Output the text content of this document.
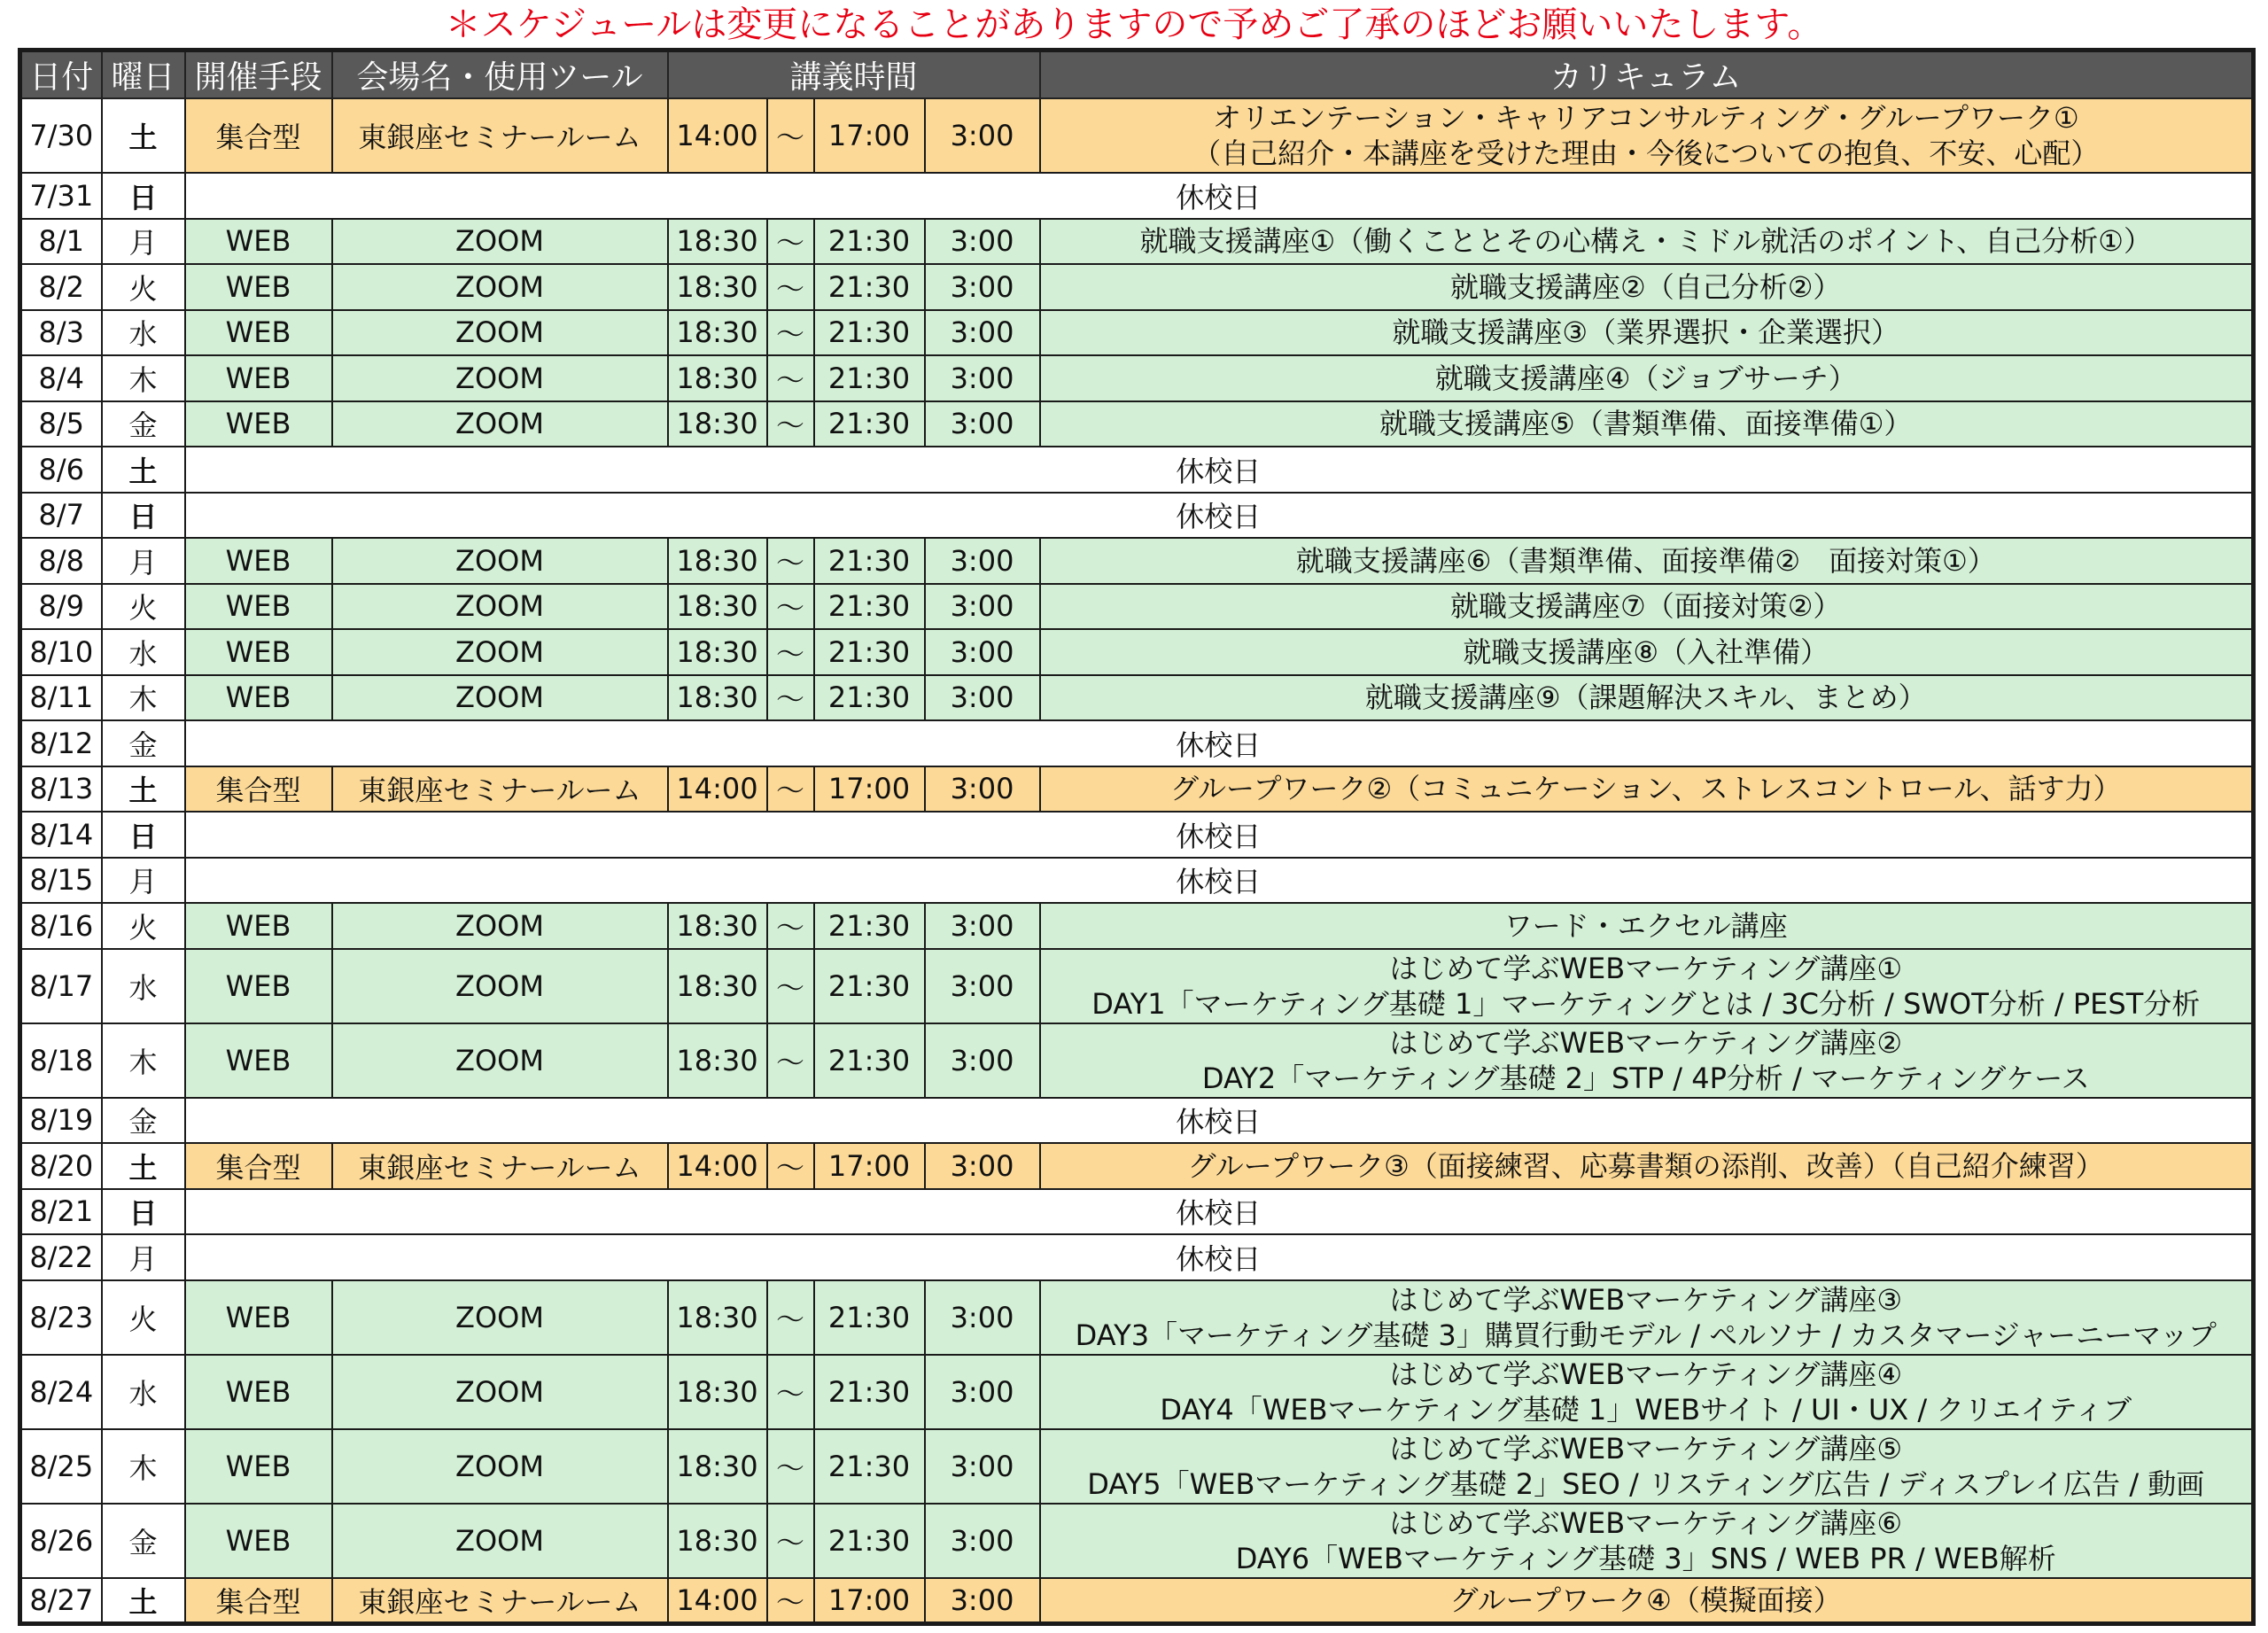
＊スケジュールは変更になることがありますので予めご了承のほどお願いいたします。
日付	曜日	開催手段	会場名・使用ツール	講義時間				カリキュラム
7/30	土	集合型	東銀座セミナールーム	14:00	～	17:00	3:00	オリエンテーション・キャリアコンサルティング・グループワーク①
（自己紹介・本講座を受けた理由・今後についての抱負、不安、心配）

7/31	日	休校日						
8/1	月	WEB	ZOOM	18:30	～	21:30	3:00	就職支援講座①（働くこととその心構え・ミドル就活のポイント、自己分析①）

8/2	火	WEB	ZOOM	18:30	～	21:30	3:00	就職支援講座②（自己分析②）

8/3	水	WEB	ZOOM	18:30	～	21:30	3:00	就職支援講座③（業界選択・企業選択）

8/4	木	WEB	ZOOM	18:30	～	21:30	3:00	就職支援講座④（ジョブサーチ）

8/5	金	WEB	ZOOM	18:30	～	21:30	3:00	就職支援講座⑤（書類準備、面接準備①）

8/6	土	休校日						
8/7	日	休校日						
8/8	月	WEB	ZOOM	18:30	～	21:30	3:00	就職支援講座⑥（書類準備、面接準備②　面接対策①）

8/9	火	WEB	ZOOM	18:30	～	21:30	3:00	就職支援講座⑦（面接対策②）

8/10	水	WEB	ZOOM	18:30	～	21:30	3:00	就職支援講座⑧（入社準備）

8/11	木	WEB	ZOOM	18:30	～	21:30	3:00	就職支援講座⑨（課題解決スキル、まとめ）

8/12	金	休校日						
8/13	土	集合型	東銀座セミナールーム	14:00	～	17:00	3:00	グループワーク②（コミュニケーション、ストレスコントロール、話す力）

8/14	日	休校日						
8/15	月	休校日						
8/16	火	WEB	ZOOM	18:30	～	21:30	3:00	ワード・エクセル講座

8/17	水	WEB	ZOOM	18:30	～	21:30	3:00	はじめて学ぶWEBマーケティング講座①
DAY1「マーケティング基礎 1」マーケティングとは / 3C分析 / SWOT分析 / PEST分析

8/18	木	WEB	ZOOM	18:30	～	21:30	3:00	はじめて学ぶWEBマーケティング講座②
DAY2「マーケティング基礎 2」STP / 4P分析 / マーケティングケース

8/19	金	休校日						
8/20	土	集合型	東銀座セミナールーム	14:00	～	17:00	3:00	グループワーク③（面接練習、応募書類の添削、改善）（自己紹介練習）

8/21	日	休校日						
8/22	月	休校日						
8/23	火	WEB	ZOOM	18:30	～	21:30	3:00	はじめて学ぶWEBマーケティング講座③
DAY3「マーケティング基礎 3」購買行動モデル / ペルソナ / カスタマージャーニーマップ

8/24	水	WEB	ZOOM	18:30	～	21:30	3:00	はじめて学ぶWEBマーケティング講座④
DAY4「WEBマーケティング基礎 1」WEBサイト / UI・UX / クリエイティブ

8/25	木	WEB	ZOOM	18:30	～	21:30	3:00	はじめて学ぶWEBマーケティング講座⑤
DAY5「WEBマーケティング基礎 2」SEO / リスティング広告 / ディスプレイ広告 / 動画

8/26	金	WEB	ZOOM	18:30	～	21:30	3:00	はじめて学ぶWEBマーケティング講座⑥
DAY6「WEBマーケティング基礎 3」SNS / WEB PR / WEB解析

8/27	土	集合型	東銀座セミナールーム	14:00	～	17:00	3:00	グループワーク④（模擬面接）
